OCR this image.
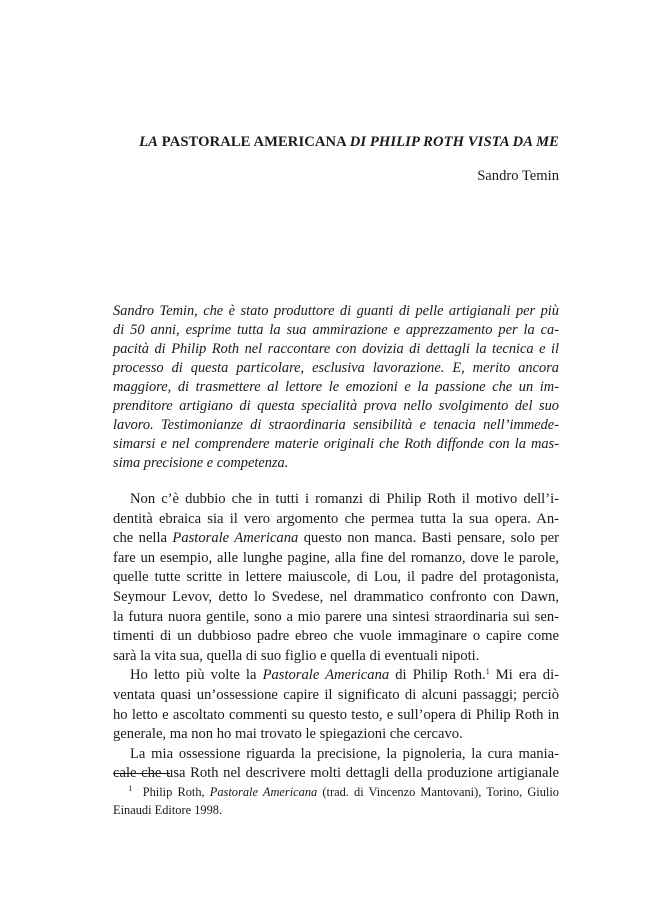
LA PASTORALE AMERICANA DI PHILIP ROTH VISTA DA ME
Sandro Temin
Sandro Temin, che è stato produttore di guanti di pelle artigianali per più
di 50 anni, esprime tutta la sua ammirazione e apprezzamento per la ca-
pacità di Philip Roth nel raccontare con dovizia di dettagli la tecnica e il
processo di questa particolare, esclusiva lavorazione. E, merito ancora
maggiore, di trasmettere al lettore le emozioni e la passione che un im-
prenditore artigiano di questa specialità prova nello svolgimento del suo
lavoro. Testimonianze di straordinaria sensibilità e tenacia nell’immede-
simarsi e nel comprendere materie originali che Roth diffonde con la mas-
sima precisione e competenza.
Non c’è dubbio che in tutti i romanzi di Philip Roth il motivo dell’i-
dentità ebraica sia il vero argomento che permea tutta la sua opera. An-
che nella Pastorale Americana questo non manca. Basti pensare, solo per
fare un esempio, alle lunghe pagine, alla fine del romanzo, dove le parole,
quelle tutte scritte in lettere maiuscole, di Lou, il padre del protagonista,
Seymour Levov, detto lo Svedese, nel drammatico confronto con Dawn,
la futura nuora gentile, sono a mio parere una sintesi straordinaria sui sen-
timenti di un dubbioso padre ebreo che vuole immaginare o capire come
sarà la vita sua, quella di suo figlio e quella di eventuali nipoti.
Ho letto più volte la Pastorale Americana di Philip Roth.$^1$ Mi era di-
ventata quasi un’ossessione capire il significato di alcuni passaggi; perciò
ho letto e ascoltato commenti su questo testo, e sull’opera di Philip Roth in
generale, ma non ho mai trovato le spiegazioni che cercavo.
La mia ossessione riguarda la precisione, la pignoleria, la cura mania-
cale che usa Roth nel descrivere molti dettagli della produzione artigianale
$^1$ Philip Roth, Pastorale Americana (trad. di Vincenzo Mantovani), Torino, Giulio
Einaudi Editore 1998.
